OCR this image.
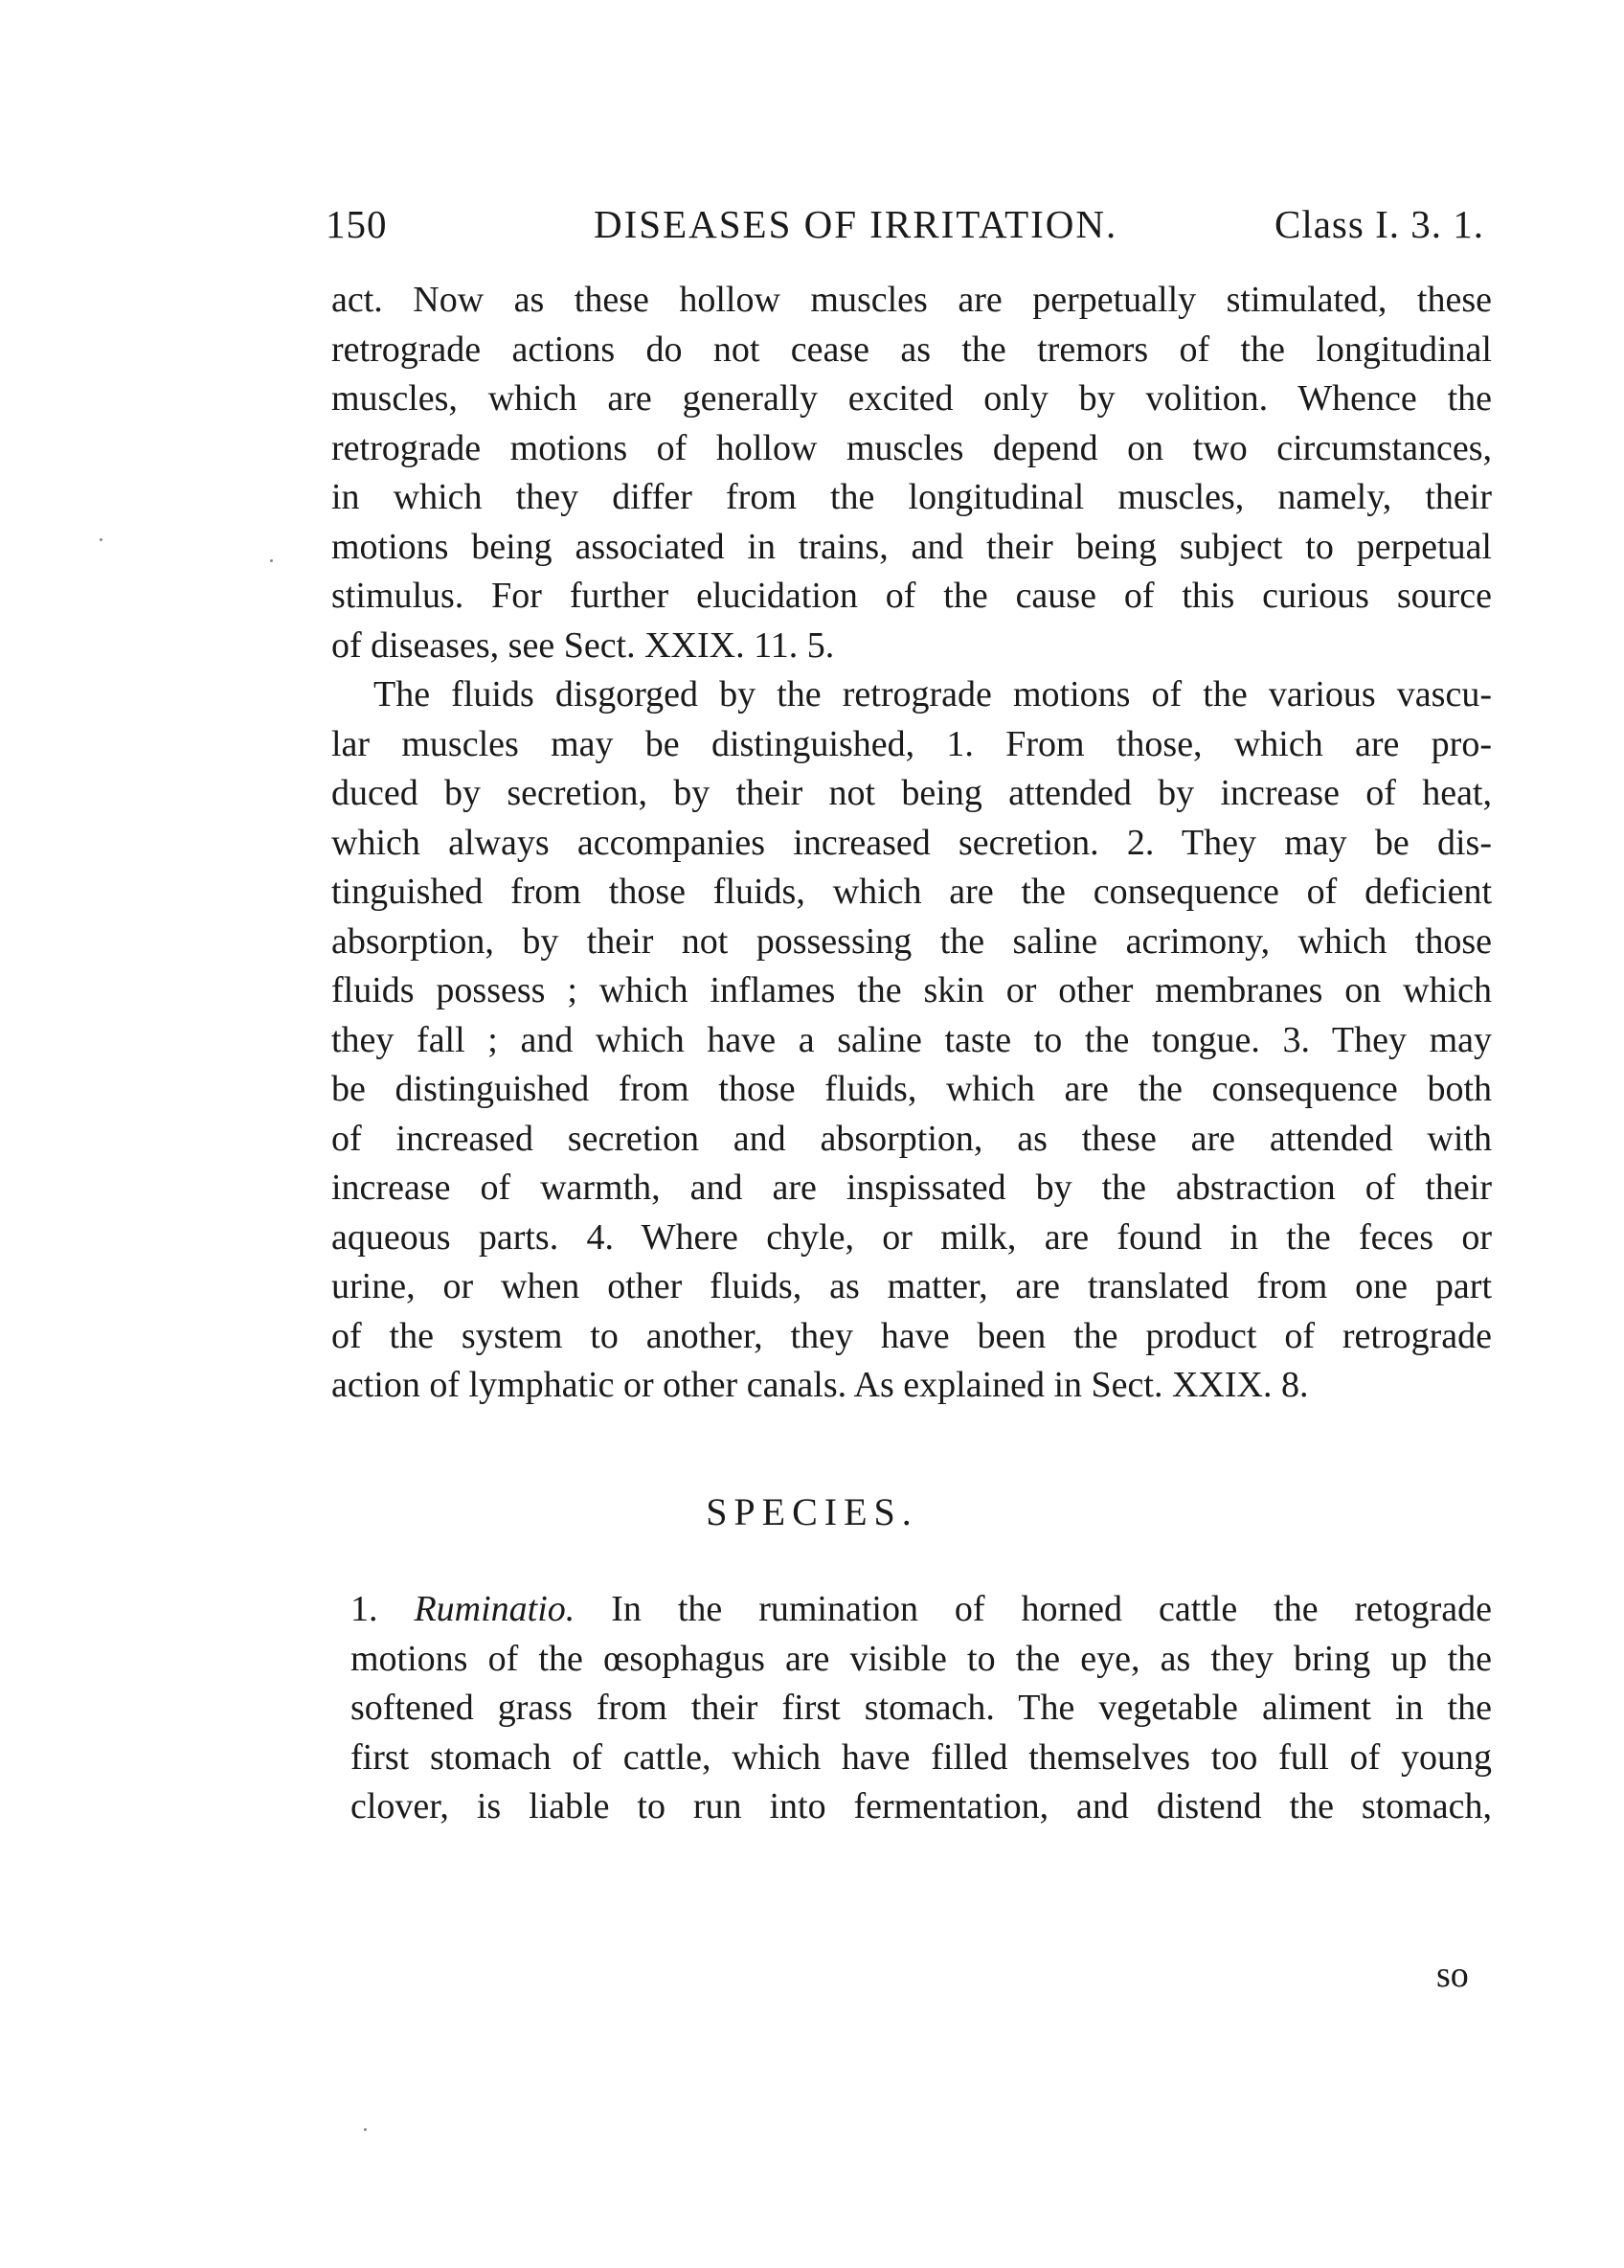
150	DISEASES OF IRRITATION.	Class I. 3. 1.
act. Now as these hollow muscles are perpetually stimulated, these
retrograde actions do not cease as the tremors of the longitudinal
muscles, which are generally excited only by volition. Whence the
retrograde motions of hollow muscles depend on two circumstances,
in which they differ from the longitudinal muscles, namely, their
motions being associated in trains, and their being subject to perpetual
stimulus. For further elucidation of the cause of this curious source
of diseases, see Sect. XXIX. 11. 5.
The fluids disgorged by the retrograde motions of the various vascu-
lar muscles may be distinguished, 1. From those, which are pro-
duced by secretion, by their not being attended by increase of heat,
which always accompanies increased secretion. 2. They may be dis-
tinguished from those fluids, which are the consequence of deficient
absorption, by their not possessing the saline acrimony, which those
fluids possess ; which inflames the skin or other membranes on which
they fall ; and which have a saline taste to the tongue. 3. They may
be distinguished from those fluids, which are the consequence both
of increased secretion and absorption, as these are attended with
increase of warmth, and are inspissated by the abstraction of their
aqueous parts. 4. Where chyle, or milk, are found in the feces or
urine, or when other fluids, as matter, are translated from one part
of the system to another, they have been the product of retrograde
action of lymphatic or other canals. As explained in Sect. XXIX. 8.
SPECIES.
1. Ruminatio. In the rumination of horned cattle the retograde
motions of the œsophagus are visible to the eye, as they bring up the
softened grass from their first stomach. The vegetable aliment in the
first stomach of cattle, which have filled themselves too full of young
clover, is liable to run into fermentation, and distend the stomach,
so
